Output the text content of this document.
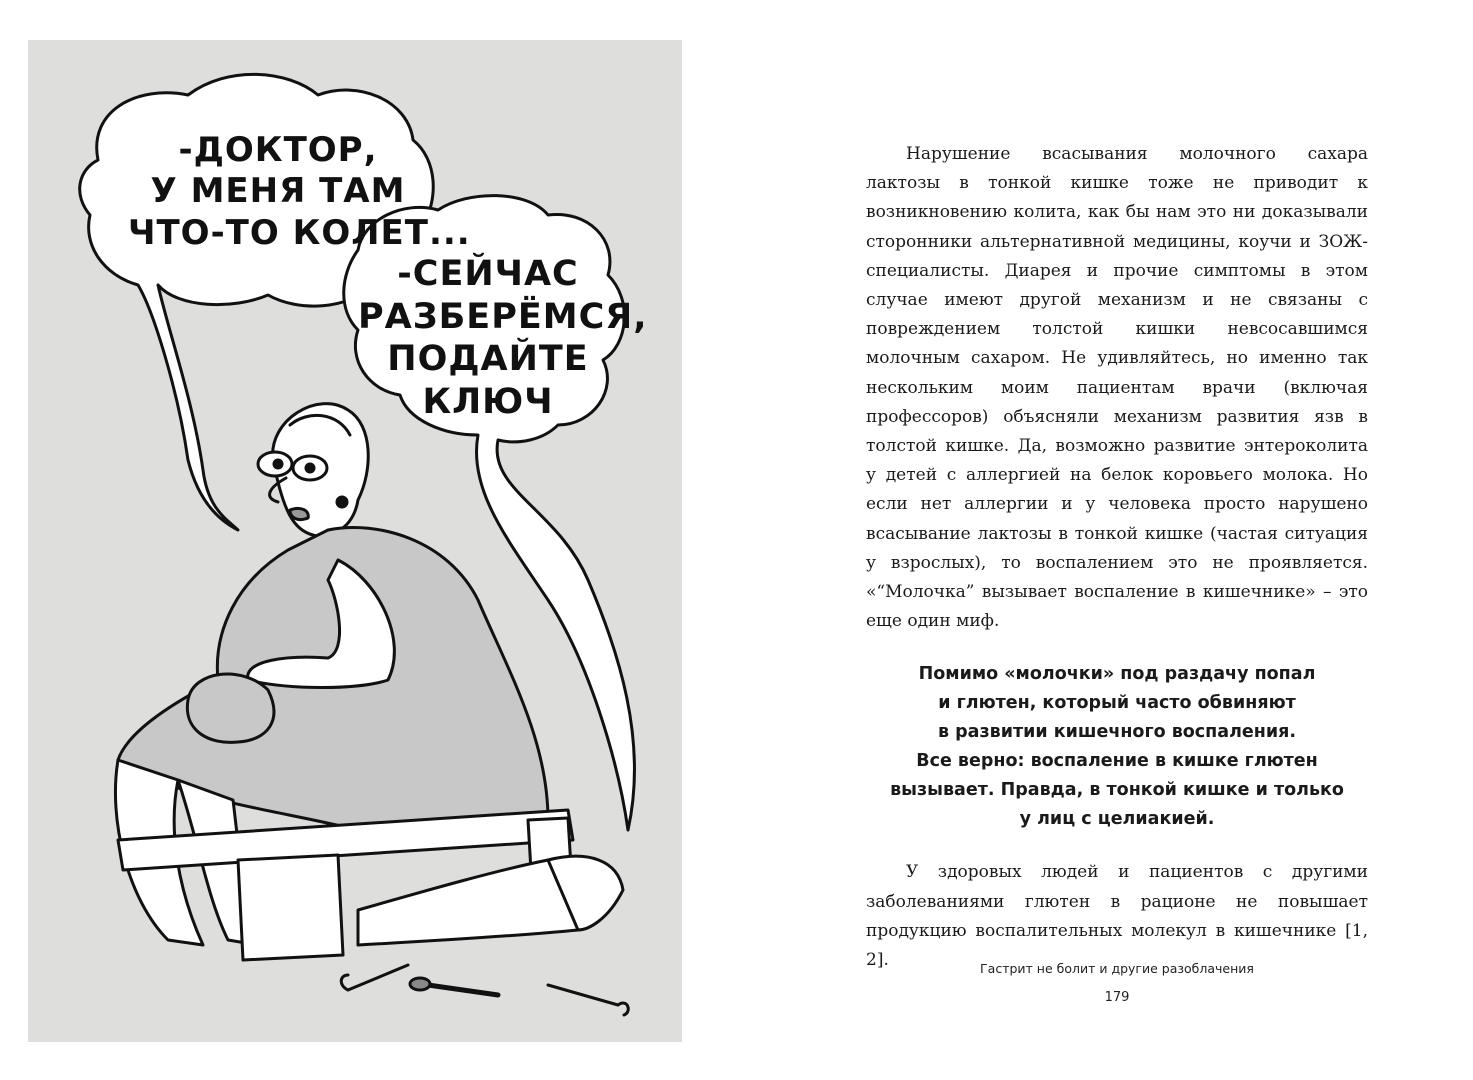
-ДОКТОР,
У МЕНЯ ТАМ
ЧТО-ТО КОЛЕТ...
-СЕЙЧАС
РАЗБЕРЁМСЯ,
ПОДАЙТЕ
КЛЮЧ

Нарушение всасывания молочного сахара лактозы в тонкой кишке тоже не приводит к возникновению колита, как бы нам это ни доказывали сторонники альтернативной медицины, коучи и ЗОЖ-специалисты. Диарея и прочие симптомы в этом случае имеют другой механизм и не связаны с повреждением толстой кишки невсосавшимся молочным сахаром. Не удивляйтесь, но именно так нескольким моим пациентам врачи (включая профессоров) объясняли механизм развития язв в толстой кишке. Да, возможно развитие энтероколита у детей с аллергией на белок коровьего молока. Но если нет аллергии и у человека просто нарушено всасывание лактозы в тонкой кишке (частая ситуация у взрослых), то воспалением это не проявляется. «“Молочка” вызывает воспаление в кишечнике» – это еще один миф.

Помимо «молочки» под раздачу попал
и глютен, который часто обвиняют
в развитии кишечного воспаления.
Все верно: воспаление в кишке глютен
вызывает. Правда, в тонкой кишке и только
у лиц с целиакией.

У здоровых людей и пациентов с другими заболеваниями глютен в рационе не повышает продукцию воспалительных молекул в кишечнике [1, 2].	Гастрит не болит и другие разоблачения
179
